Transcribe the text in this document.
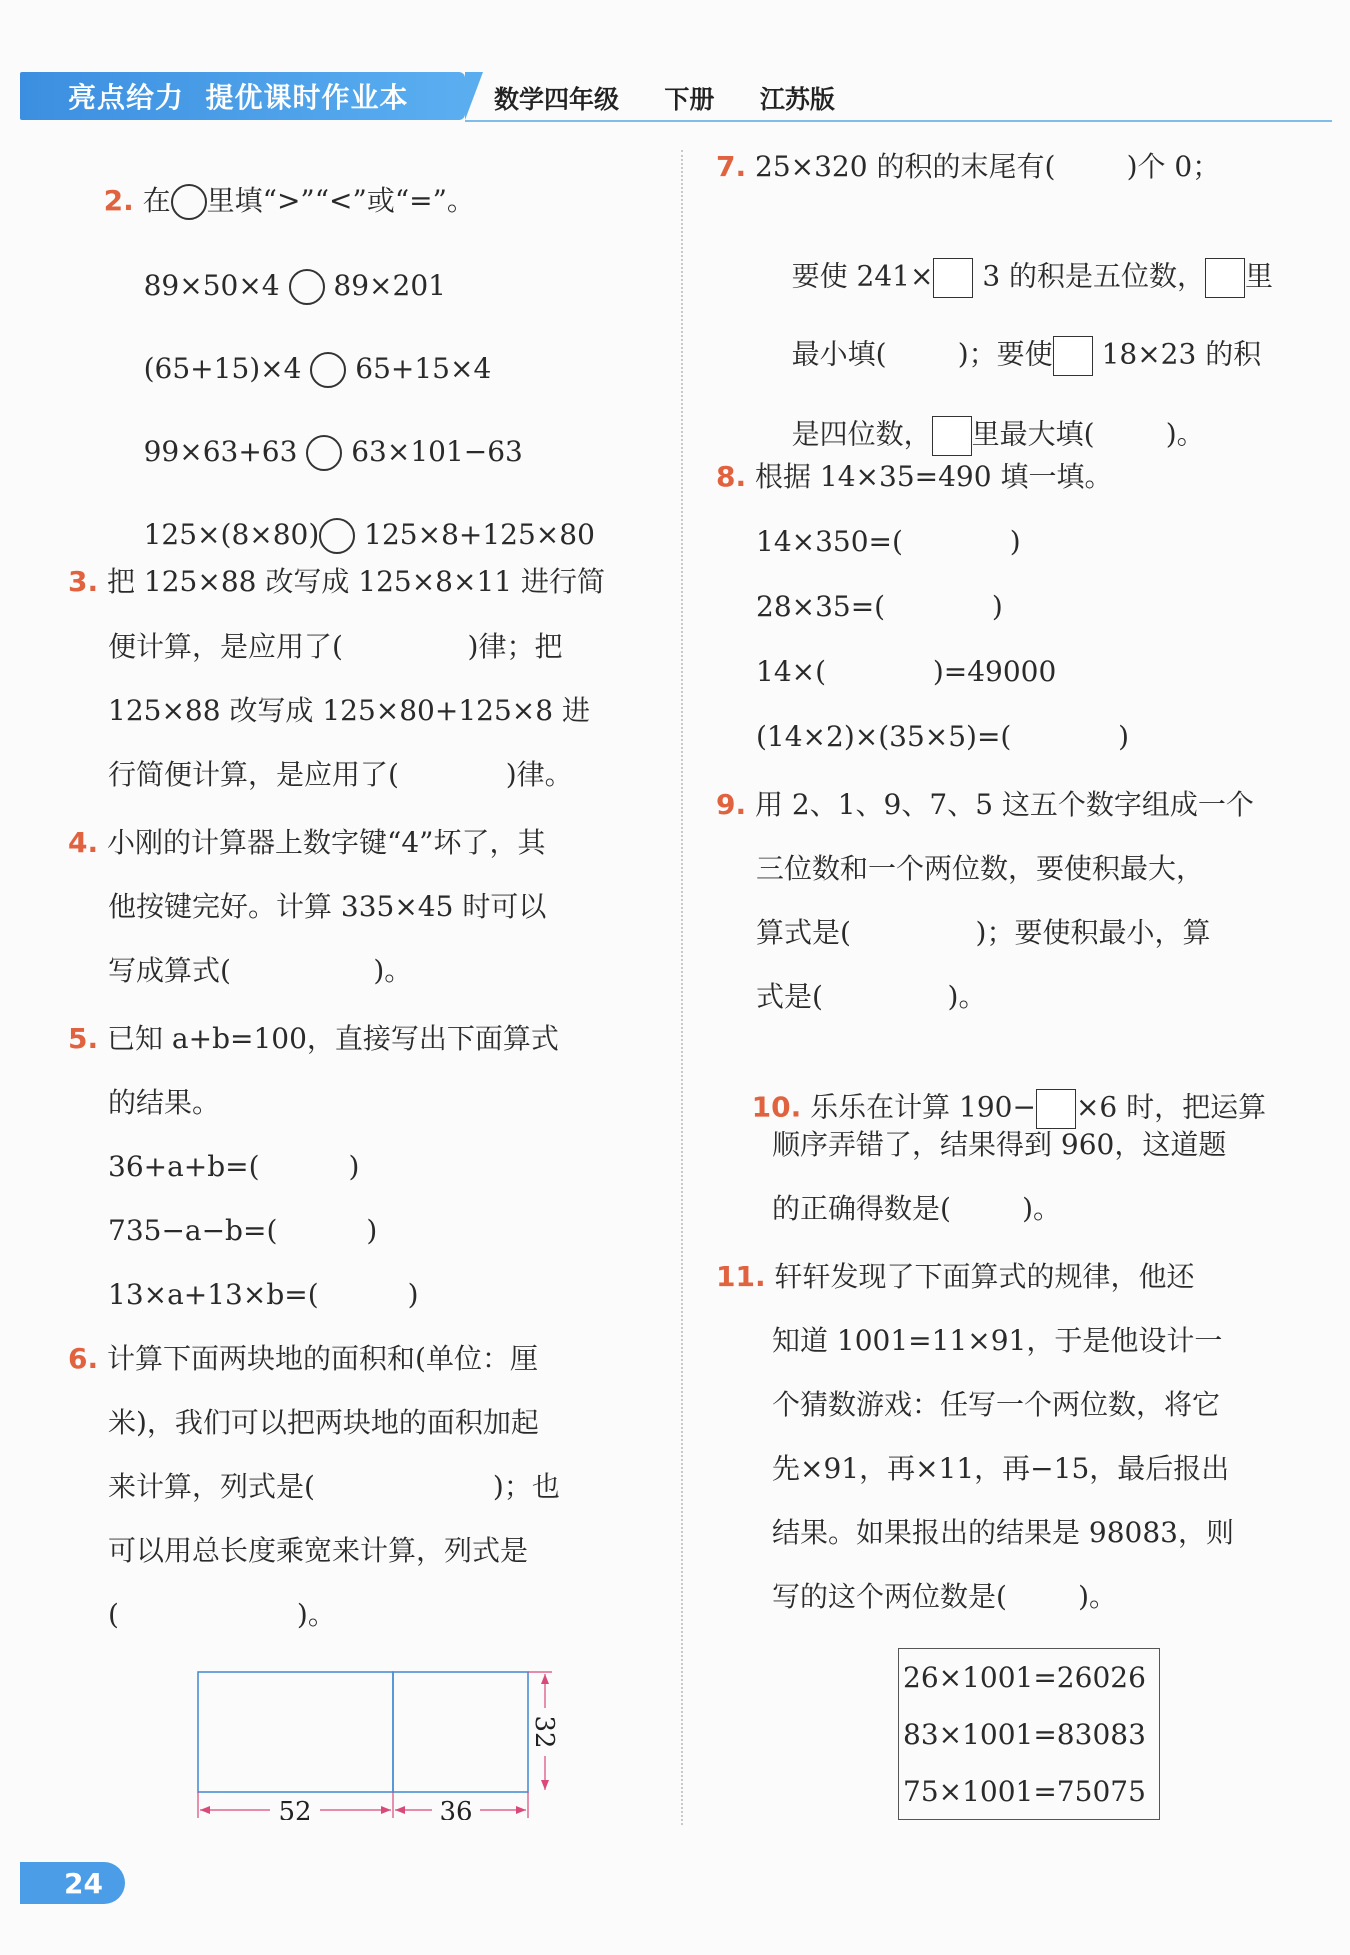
亮点给力  提优课时作业本	数学四年级  下册  江苏版

2. 在 里填“>”“<”或“=”。

89×50×4 89×201

(65+15)×4 65+15×4

99×63+63 63×101−63

125×(8×80) 125×8+125×80

3. 把 125×88 改写成 125×8×11 进行简
便计算，是应用了(              )律；把
125×88 改写成 125×80+125×8 进
行简便计算，是应用了(            )律。
4. 小刚的计算器上数字键“4”坏了，其
他按键完好。计算 335×45 时可以
写成算式(                )。
5. 已知 a+b=100，直接写出下面算式
的结果。
36+a+b=(          )
735−a−b=(          )
13×a+13×b=(          )
6. 计算下面两块地的面积和(单位：厘
米)，我们可以把两块地的面积加起
来计算，列式是(                    )；也
可以用总长度乘宽来计算，列式是
(                    )。
52	36
32
7. 25×320 的积的末尾有(        )个 0；

要使 241× 3 的积是五位数， 里

最小填(        )；要使 18×23 的积

是四位数， 里最大填(        )。

8. 根据 14×35=490 填一填。
14×350=(            )
28×35=(            )
14×(            )=49000
(14×2)×(35×5)=(            )
9. 用 2、1、9、7、5 这五个数字组成一个
三位数和一个两位数，要使积最大，
算式是(              )；要使积最小，算
式是(              )。

10. 乐乐在计算 190− ×6 时，把运算

顺序弄错了，结果得到 960，这道题
的正确得数是(        )。
11. 轩轩发现了下面算式的规律，他还
知道 1001=11×91，于是他设计一
个猜数游戏：任写一个两位数，将它
先×91，再×11，再−15，最后报出
结果。如果报出的结果是 98083，则
写的这个两位数是(        )。
26×1001=26026
83×1001=83083
75×1001=75075
24
